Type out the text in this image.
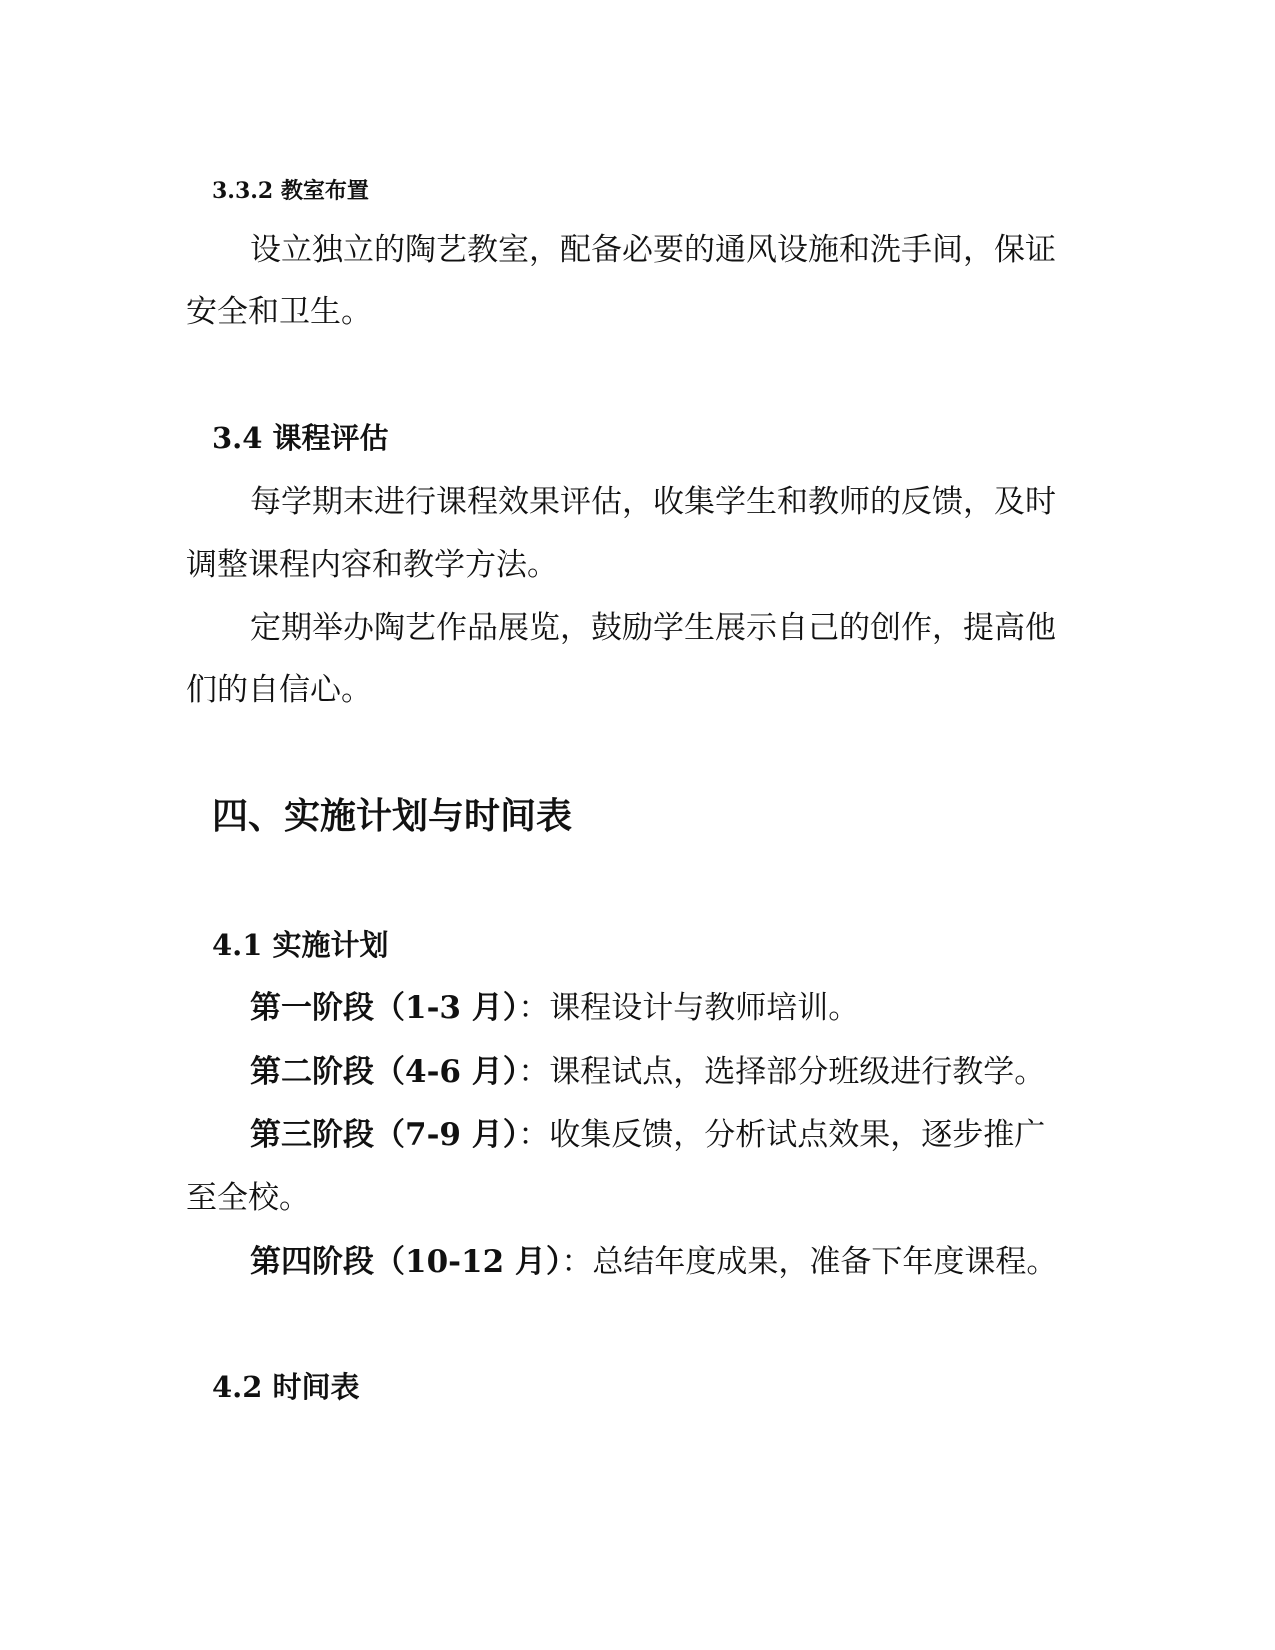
3.3.2 教室布置
设立独立的陶艺教室，配备必要的通风设施和洗手间，保证
安全和卫生。
3.4 课程评估
每学期末进行课程效果评估，收集学生和教师的反馈，及时
调整课程内容和教学方法。
定期举办陶艺作品展览，鼓励学生展示自己的创作，提高他
们的自信心。
四、实施计划与时间表
4.1 实施计划
第一阶段（1-3 月）：课程设计与教师培训。
第二阶段（4-6 月）：课程试点，选择部分班级进行教学。
第三阶段（7-9 月）：收集反馈，分析试点效果，逐步推广
至全校。
第四阶段（10-12 月）：总结年度成果，准备下年度课程。
4.2 时间表
